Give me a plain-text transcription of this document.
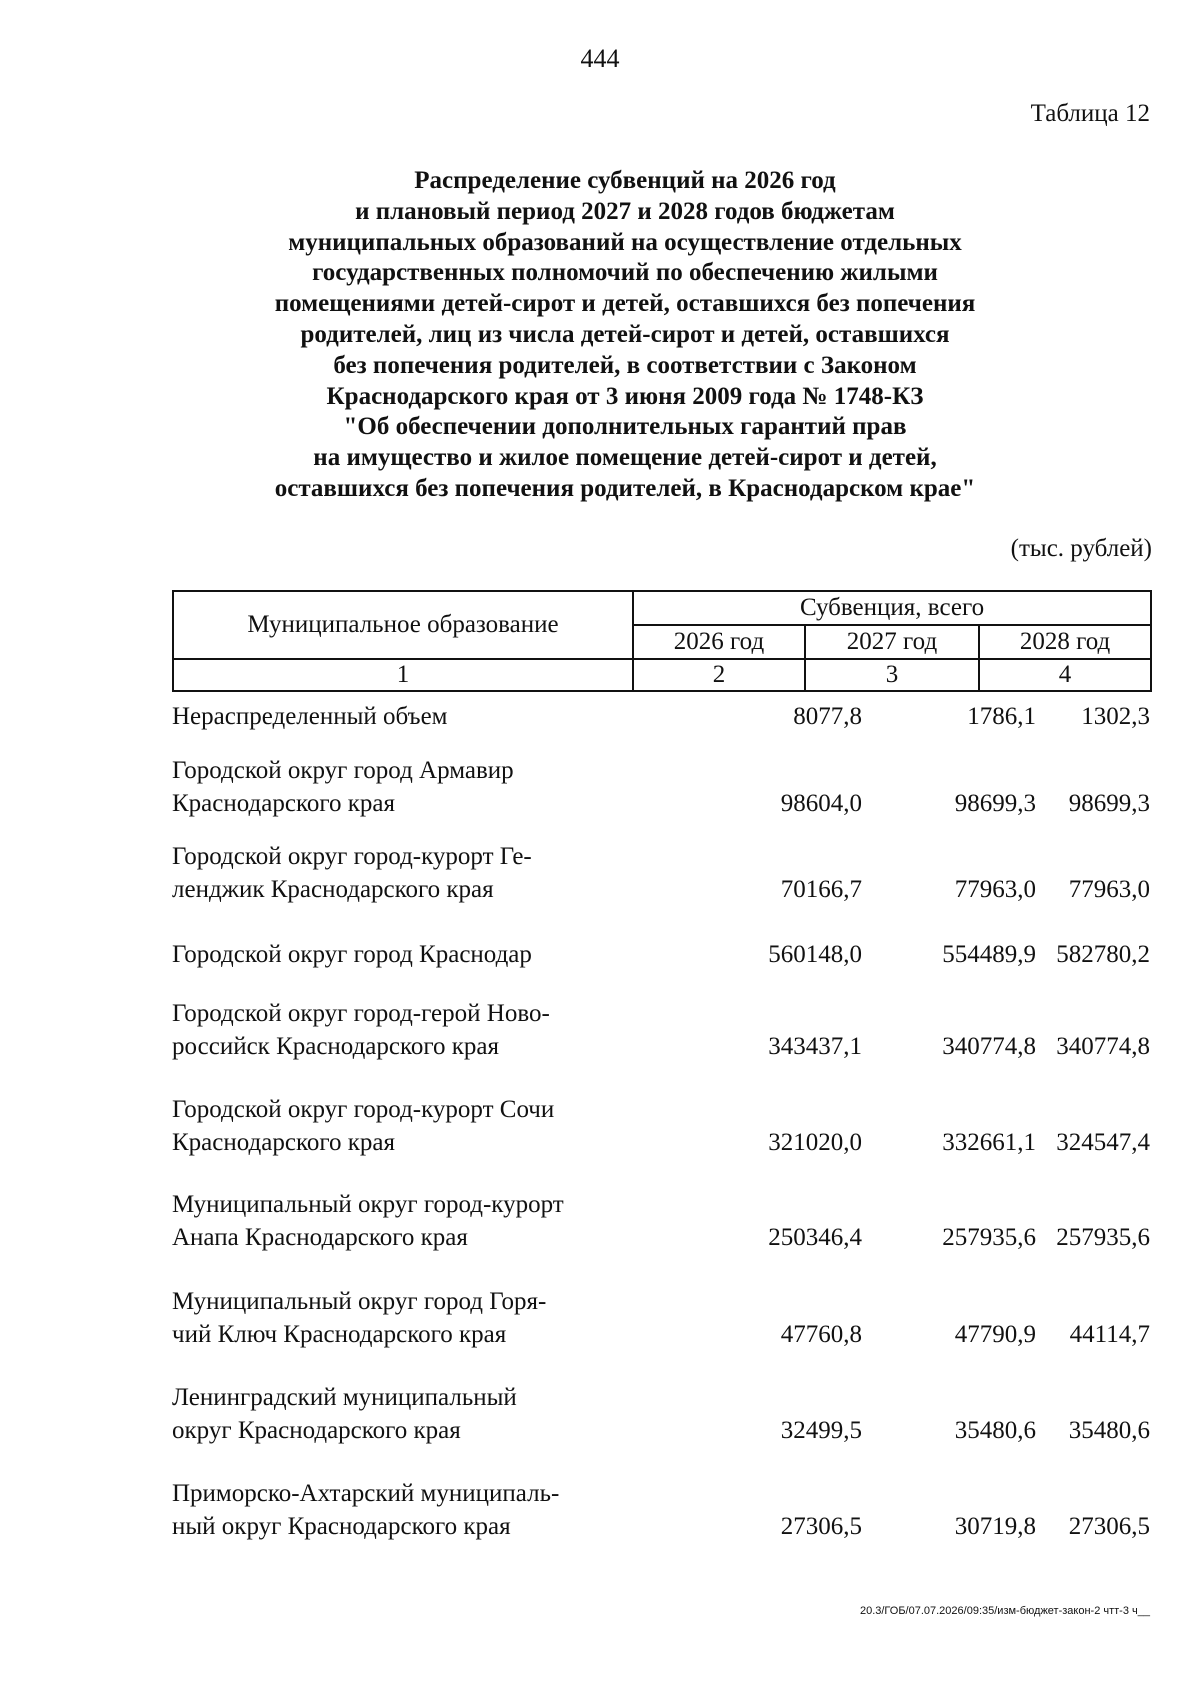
444
Таблица 12
Распределение субвенций на 2026 год
и плановый период 2027 и 2028 годов бюджетам
муниципальных образований на осуществление отдельных
государственных полномочий по обеспечению жилыми
помещениями детей-сирот и детей, оставшихся без попечения
родителей, лиц из числа детей-сирот и детей, оставшихся
без попечения родителей, в соответствии с Законом
Краснодарского края от 3 июня 2009 года № 1748-КЗ
"Об обеспечении дополнительных гарантий прав
на имущество и жилое помещение детей-сирот и детей,
оставшихся без попечения родителей, в Краснодарском крае"
(тыс. рублей)
Муниципальное образование	Субвенция, всего		
	2026 год	2027 год	2028 год
1	2	3	4
Нераспределенный объем	8077,8	1786,1 1302,3
Городской округ город Армавир
Краснодарского края	98604,0	98699,3 98699,3
Городской округ город-курорт Ге-
ленджик Краснодарского края	70166,7	77963,0 77963,0
Городской округ город Краснодар	560148,0	554489,9 582780,2
Городской округ город-герой Ново-
российск Краснодарского края	343437,1	340774,8 340774,8
Городской округ город-курорт Сочи
Краснодарского края	321020,0	332661,1 324547,4
Муниципальный округ город-курорт
Анапа Краснодарского края	250346,4	257935,6 257935,6
Муниципальный округ город Горя-
чий Ключ Краснодарского края	47760,8	47790,9 44114,7
Ленинградский муниципальный
округ Краснодарского края	32499,5	35480,6 35480,6
Приморско-Ахтарский муниципаль-
ный округ Краснодарского края	27306,5	30719,8 27306,5
20.3/ГОБ/07.07.2026/09:35/изм-бюджет-закон-2 чтт-3 ч__
